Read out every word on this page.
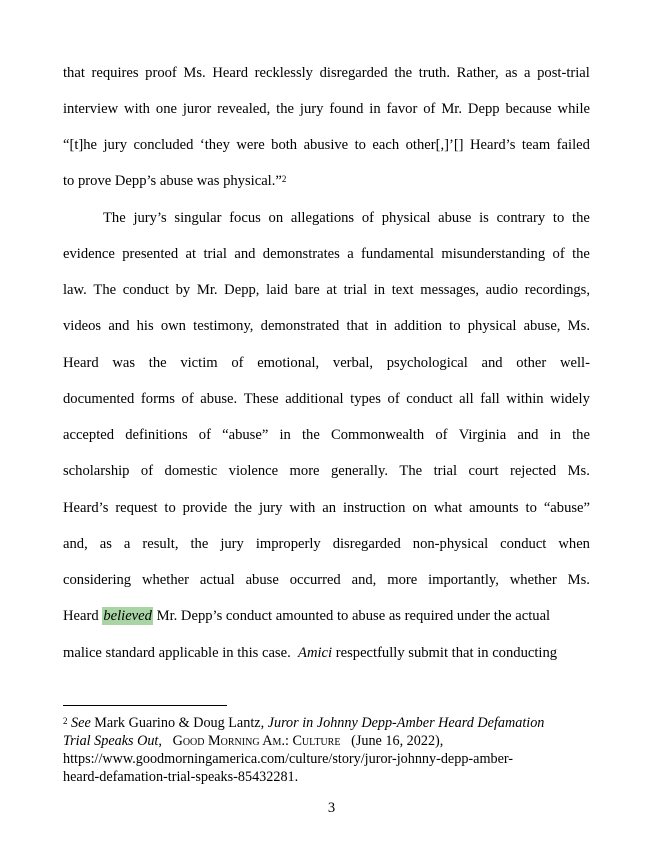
that requires proof Ms. Heard recklessly disregarded the truth. Rather, as a post-trial
interview with one juror revealed, the jury found in favor of Mr. Depp because while
“[t]he jury concluded ‘they were both abusive to each other[,]’[] Heard’s team failed
to prove Depp’s abuse was physical.”$^2$
The jury’s singular focus on allegations of physical abuse is contrary to the
evidence presented at trial and demonstrates a fundamental misunderstanding of the
law. The conduct by Mr. Depp, laid bare at trial in text messages, audio recordings,
videos and his own testimony, demonstrated that in addition to physical abuse, Ms.
Heard was the victim of emotional, verbal, psychological and other well-
documented forms of abuse. These additional types of conduct all fall within widely
accepted definitions of “abuse” in the Commonwealth of Virginia and in the
scholarship of domestic violence more generally. The trial court rejected Ms.
Heard’s request to provide the jury with an instruction on what amounts to “abuse”
and, as a result, the jury improperly disregarded non-physical conduct when
considering whether actual abuse occurred and, more importantly, whether Ms.
Heard
believed
Mr. Depp’s conduct amounted to abuse as required under the actual
malice standard applicable in this case.
Amici
respectfully submit that in conducting
$^2$
See
Mark Guarino & Doug Lantz,
Juror in Johnny Depp-Amber Heard Defamation
Trial Speaks Out ,
Good Morning Am.: Culture
(June 16, 2022),
https://www.goodmorningamerica.com/culture/story/juror-johnny-depp-amber-
heard-defamation-trial-speaks-85432281.
3
